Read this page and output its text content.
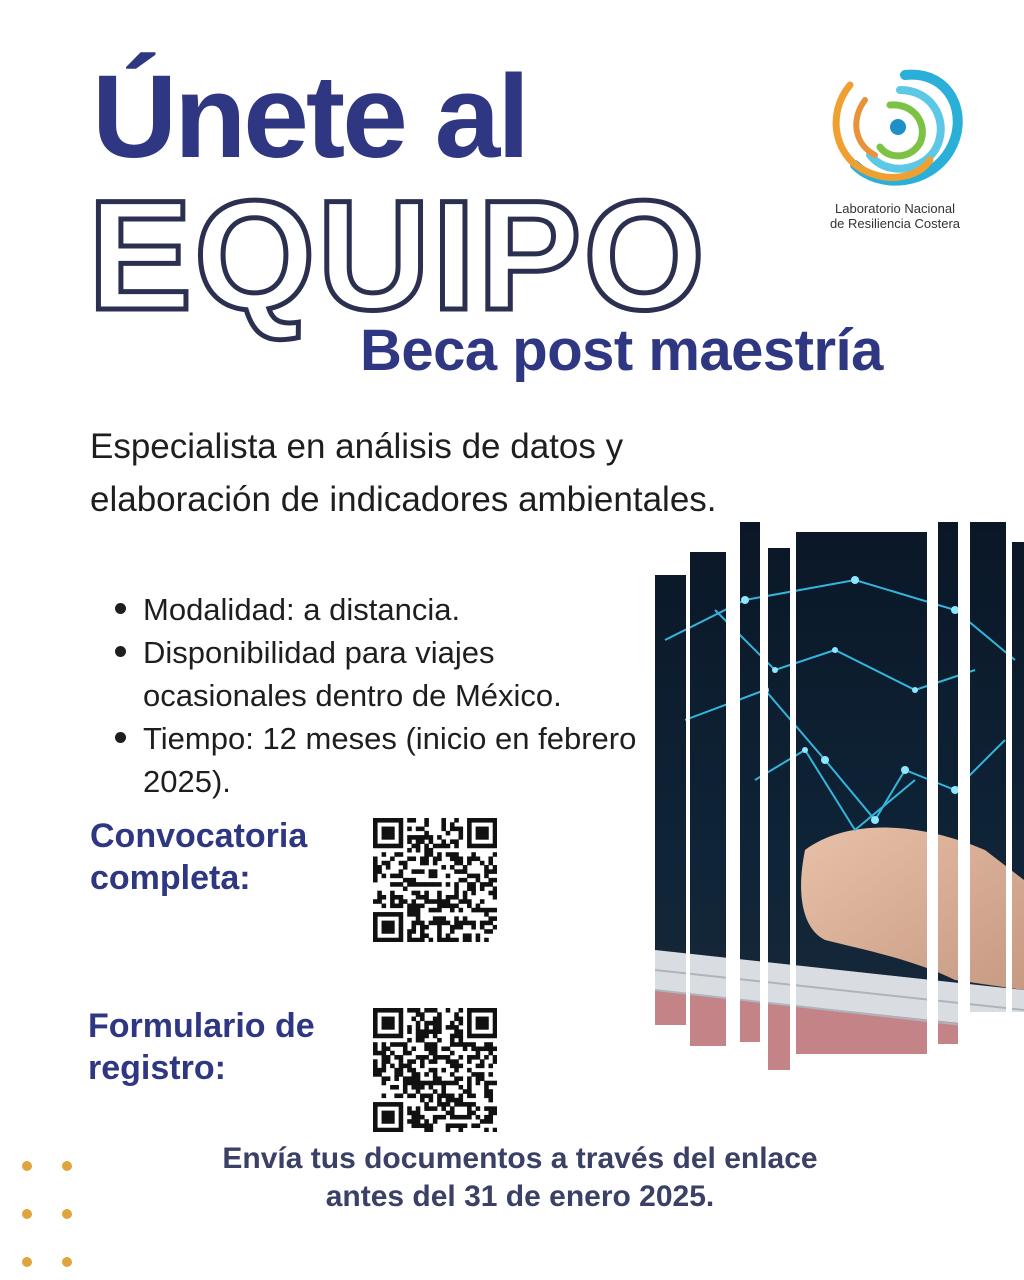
Únete al
EQUIPO
Beca post maestría
Laboratorio Nacional
de Resiliencia Costera

Especialista en análisis de datos y elaboración de indicadores ambientales.

Modalidad: a distancia.
Disponibilidad para viajes ocasionales dentro de México.
Tiempo: 12 meses (inicio en febrero 2025).
Convocatoria completa:
Formulario de registro:
Envía tus documentos a través del enlace
antes del 31 de enero 2025.
